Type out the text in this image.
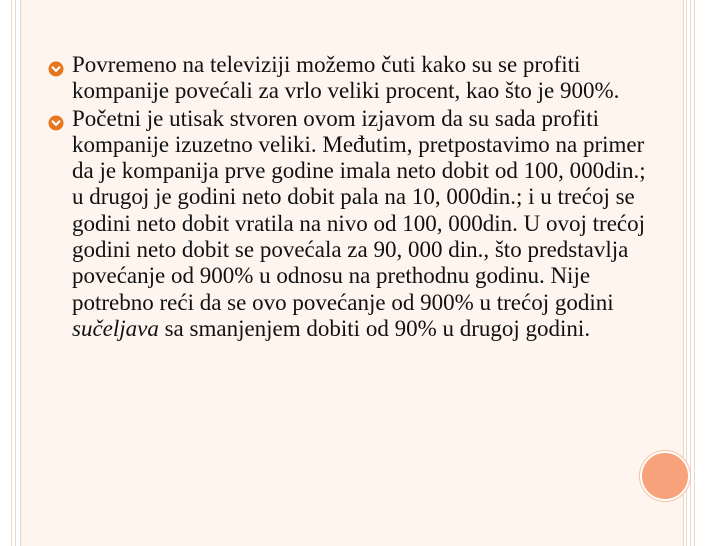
Povremeno na televiziji možemo čuti kako su se profiti kompanije povećali za vrlo veliki procent, kao što je 900%.
Početni je utisak stvoren ovom izjavom da su sada profiti kompanije izuzetno veliki. Međutim, pretpostavimo na primer da je kompanija prve godine imala neto dobit od 100, 000din.; u drugoj je godini neto dobit pala na 10, 000din.; i u trećoj se godini neto dobit vratila na nivo od 100, 000din. U ovoj trećoj godini neto dobit se povećala za 90, 000 din., što predstavlja povećanje od 900% u odnosu na prethodnu godinu. Nije potrebno reći da se ovo povećanje od 900% u trećoj godini sučeljava sa smanjenjem dobiti od 90% u drugoj godini.
